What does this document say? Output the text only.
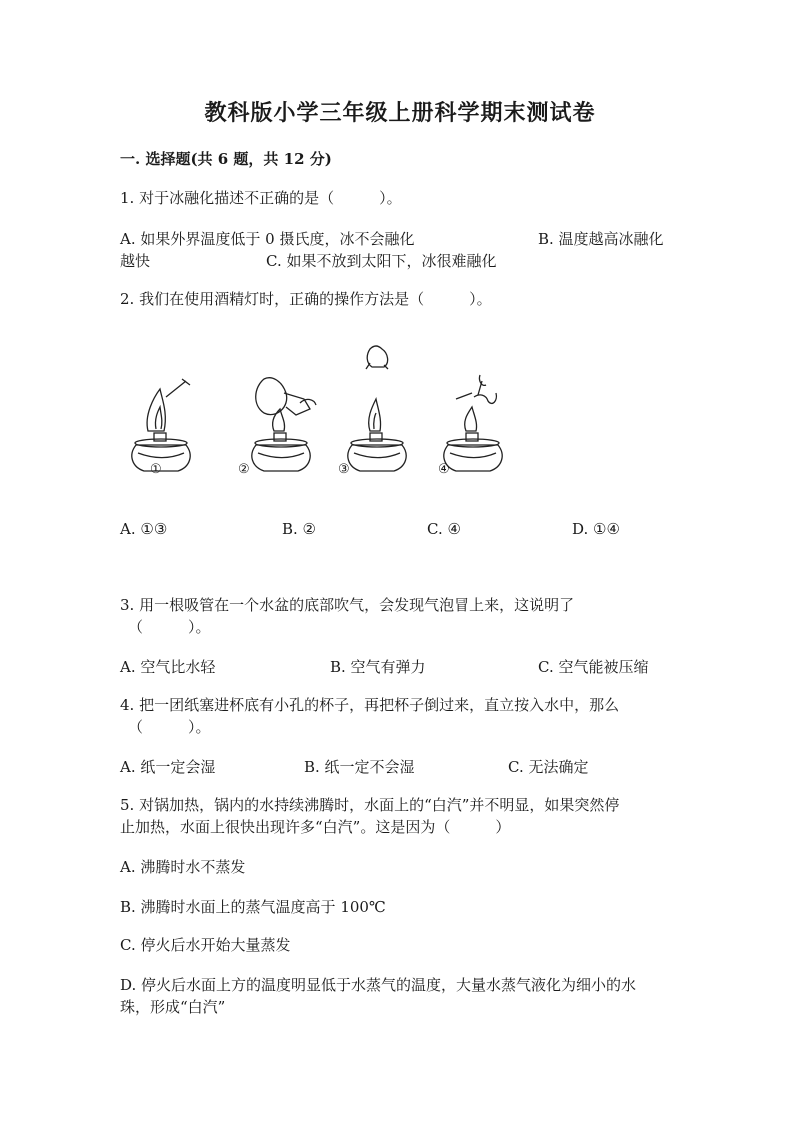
教科版小学三年级上册科学期末测试卷
一. 选择题(共 6 题，共 12 分)
1. 对于冰融化描述不正确的是（　　　）。
A. 如果外界温度低于 0 摄氏度，冰不会融化	B. 温度越高冰融化
越快	C. 如果不放到太阳下，冰很难融化
2. 我们在使用酒精灯时，正确的操作方法是（　　　）。
①	②	③	④
A. ①③	B. ②	C. ④	D. ①④
3. 用一根吸管在一个水盆的底部吹气，会发现气泡冒上来，这说明了
（　　　）。
A. 空气比水轻	B. 空气有弹力	C. 空气能被压缩
4. 把一团纸塞进杯底有小孔的杯子，再把杯子倒过来，直立按入水中，那么
（　　　）。
A. 纸一定会湿	B. 纸一定不会湿	C. 无法确定
5. 对锅加热，锅内的水持续沸腾时，水面上的“白汽”并不明显，如果突然停
止加热，水面上很快出现许多“白汽”。这是因为（　　　）
A. 沸腾时水不蒸发
B. 沸腾时水面上的蒸气温度高于 100℃
C. 停火后水开始大量蒸发
D. 停火后水面上方的温度明显低于水蒸气的温度，大量水蒸气液化为细小的水
珠，形成“白汽”
